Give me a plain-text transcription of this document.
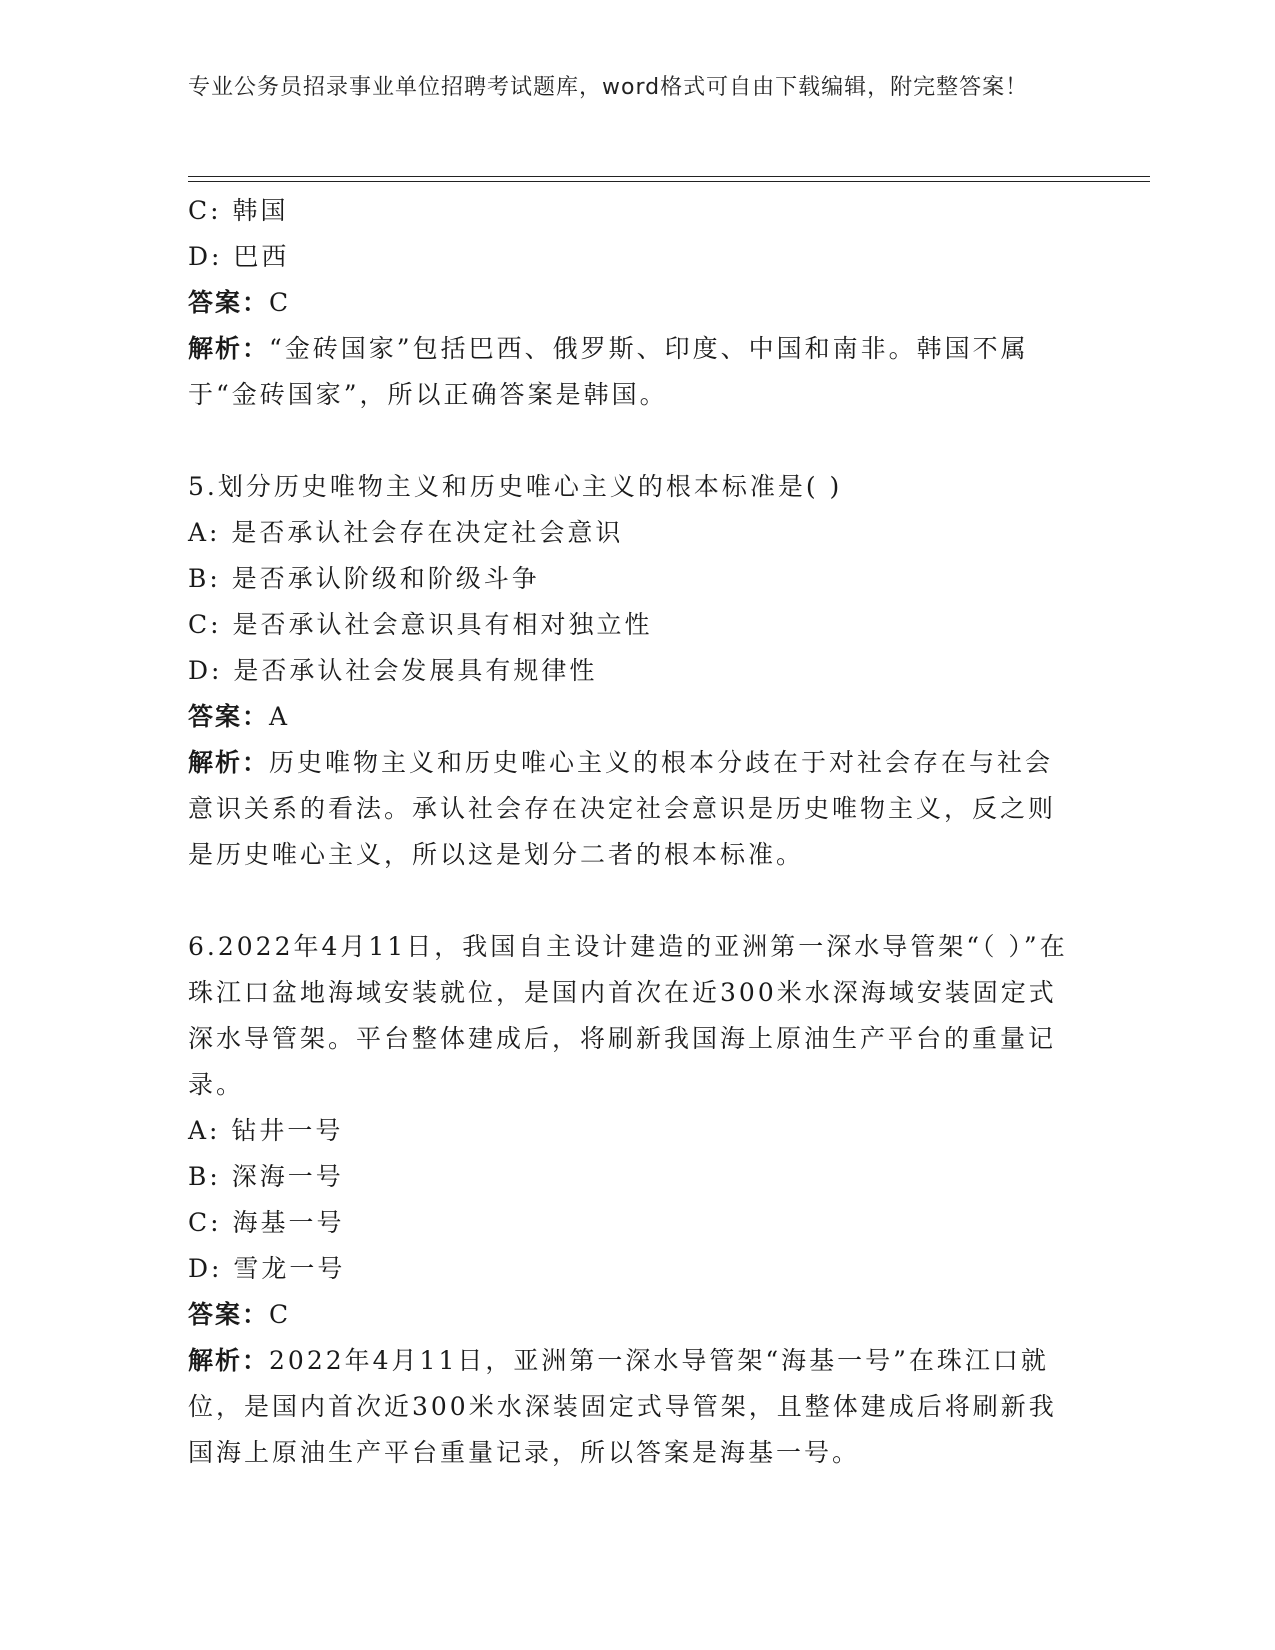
专业公务员招录事业单位招聘考试题库，word格式可自由下载编辑，附完整答案！
C: 韩国
D: 巴西
答案：C
解析：“金砖国家”包括巴西、俄罗斯、印度、中国和南非。韩国不属于“金砖国家”，所以正确答案是韩国。
5.划分历史唯物主义和历史唯心主义的根本标准是( )
A: 是否承认社会存在决定社会意识
B: 是否承认阶级和阶级斗争
C: 是否承认社会意识具有相对独立性
D: 是否承认社会发展具有规律性
答案：A
解析：历史唯物主义和历史唯心主义的根本分歧在于对社会存在与社会意识关系的看法。承认社会存在决定社会意识是历史唯物主义，反之则是历史唯心主义，所以这是划分二者的根本标准。
6.2022年4月11日，我国自主设计建造的亚洲第一深水导管架“（ ）”在珠江口盆地海域安装就位，是国内首次在近300米水深海域安装固定式深水导管架。平台整体建成后，将刷新我国海上原油生产平台的重量记录。
A: 钻井一号
B: 深海一号
C: 海基一号
D: 雪龙一号
答案：C
解析：2022年4月11日，亚洲第一深水导管架“海基一号”在珠江口就位，是国内首次近300米水深装固定式导管架，且整体建成后将刷新我国海上原油生产平台重量记录，所以答案是海基一号。
